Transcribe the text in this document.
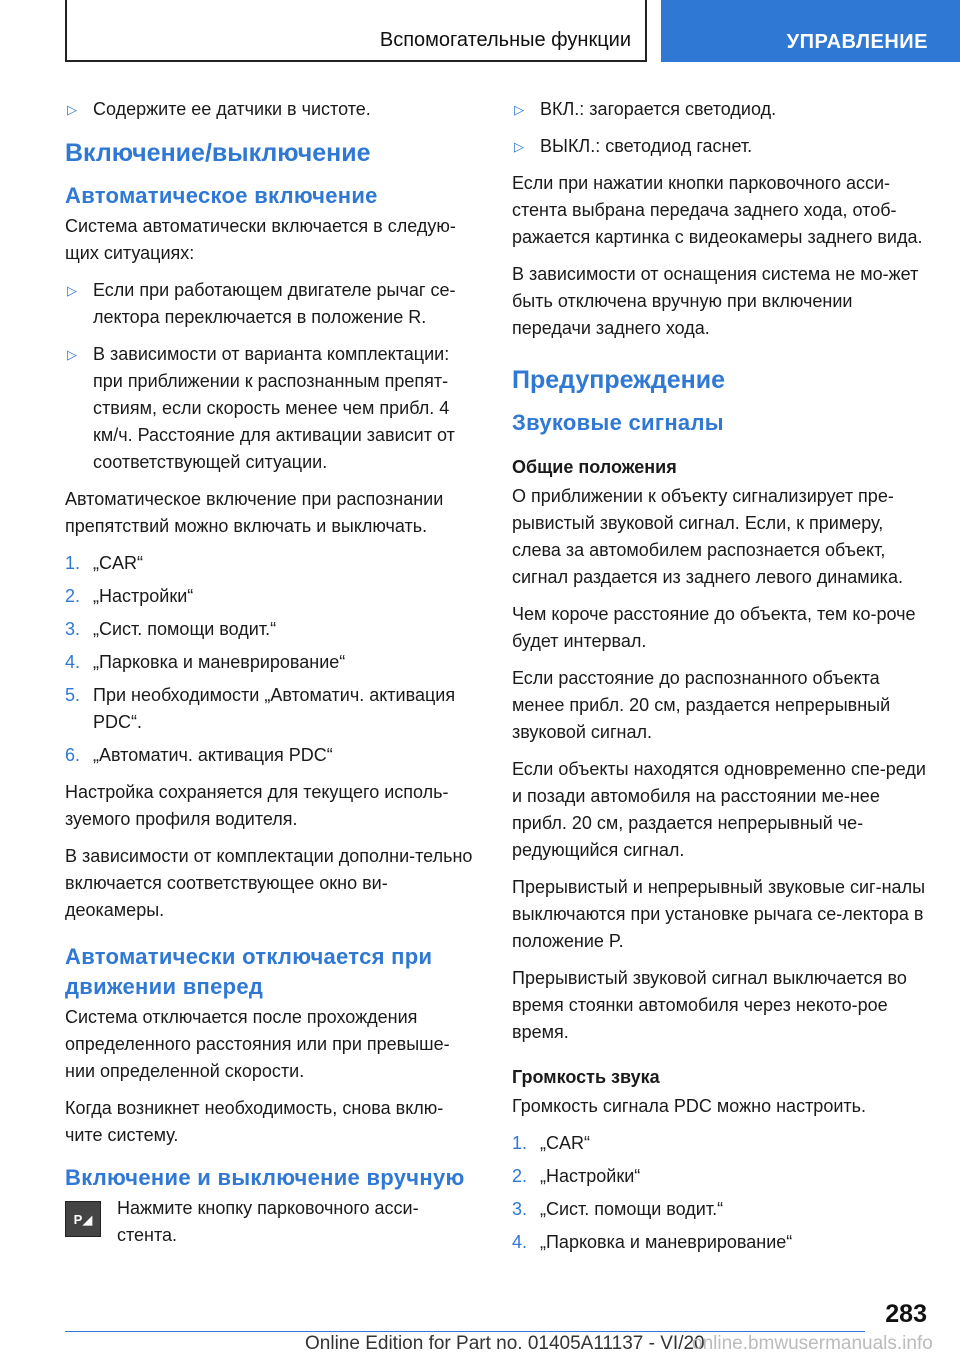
Вспомогательные функции	УПРАВЛЕНИЕ
▷ Содержите ее датчики в чистоте.
Включение/выключение
Автоматическое включение

Система автоматически включается в следую-щих ситуациях:

▷ Если при работающем двигателе рычаг се-лектора переключается в положение R.
▷ В зависимости от варианта комплектации: при приближении к распознанным препят-ствиям, если скорость менее чем прибл. 4 км/ч. Расстояние для активации зависит от соответствующей ситуации.

Автоматическое включение при распознании препятствий можно включать и выключать.

1. „CAR“
2. „Настройки“
3. „Сист. помощи водит.“
4. „Парковка и маневрирование“
5. При необходимости „Автоматич. активация PDC“.
6. „Автоматич. активация PDC“

Настройка сохраняется для текущего исполь-зуемого профиля водителя.

В зависимости от комплектации дополни-тельно включается соответствующее окно ви-деокамеры.

Автоматически отключается при движении вперед

Система отключается после прохождения определенного расстояния или при превыше-нии определенной скорости.

Когда возникнет необходимость, снова вклю-чите систему.

Включение и выключение вручную
P◢

Нажмите кнопку парковочного асси-стента.

▷ ВКЛ.: загорается светодиод.
▷ ВЫКЛ.: светодиод гаснет.

Если при нажатии кнопки парковочного асси-стента выбрана передача заднего хода, отоб-ражается картинка с видеокамеры заднего вида.

В зависимости от оснащения система не мо-жет быть отключена вручную при включении передачи заднего хода.

Предупреждение
Звуковые сигналы
Общие положения

О приближении к объекту сигнализирует пре-рывистый звуковой сигнал. Если, к примеру, слева за автомобилем распознается объект, сигнал раздается из заднего левого динамика.

Чем короче расстояние до объекта, тем ко-роче будет интервал.

Если расстояние до распознанного объекта менее прибл. 20 см, раздается непрерывный звуковой сигнал.

Если объекты находятся одновременно спе-реди и позади автомобиля на расстоянии ме-нее прибл. 20 см, раздается непрерывный че-редующийся сигнал.

Прерывистый и непрерывный звуковые сиг-налы выключаются при установке рычага се-лектора в положение P.

Прерывистый звуковой сигнал выключается во время стоянки автомобиля через некото-рое время.

Громкость звука

Громкость сигнала PDC можно настроить.

1. „CAR“
2. „Настройки“
3. „Сист. помощи водит.“
4. „Парковка и маневрирование“
283
Online Edition for Part no. 01405A11137 - VI/20
online.bmwusermanuals.info
